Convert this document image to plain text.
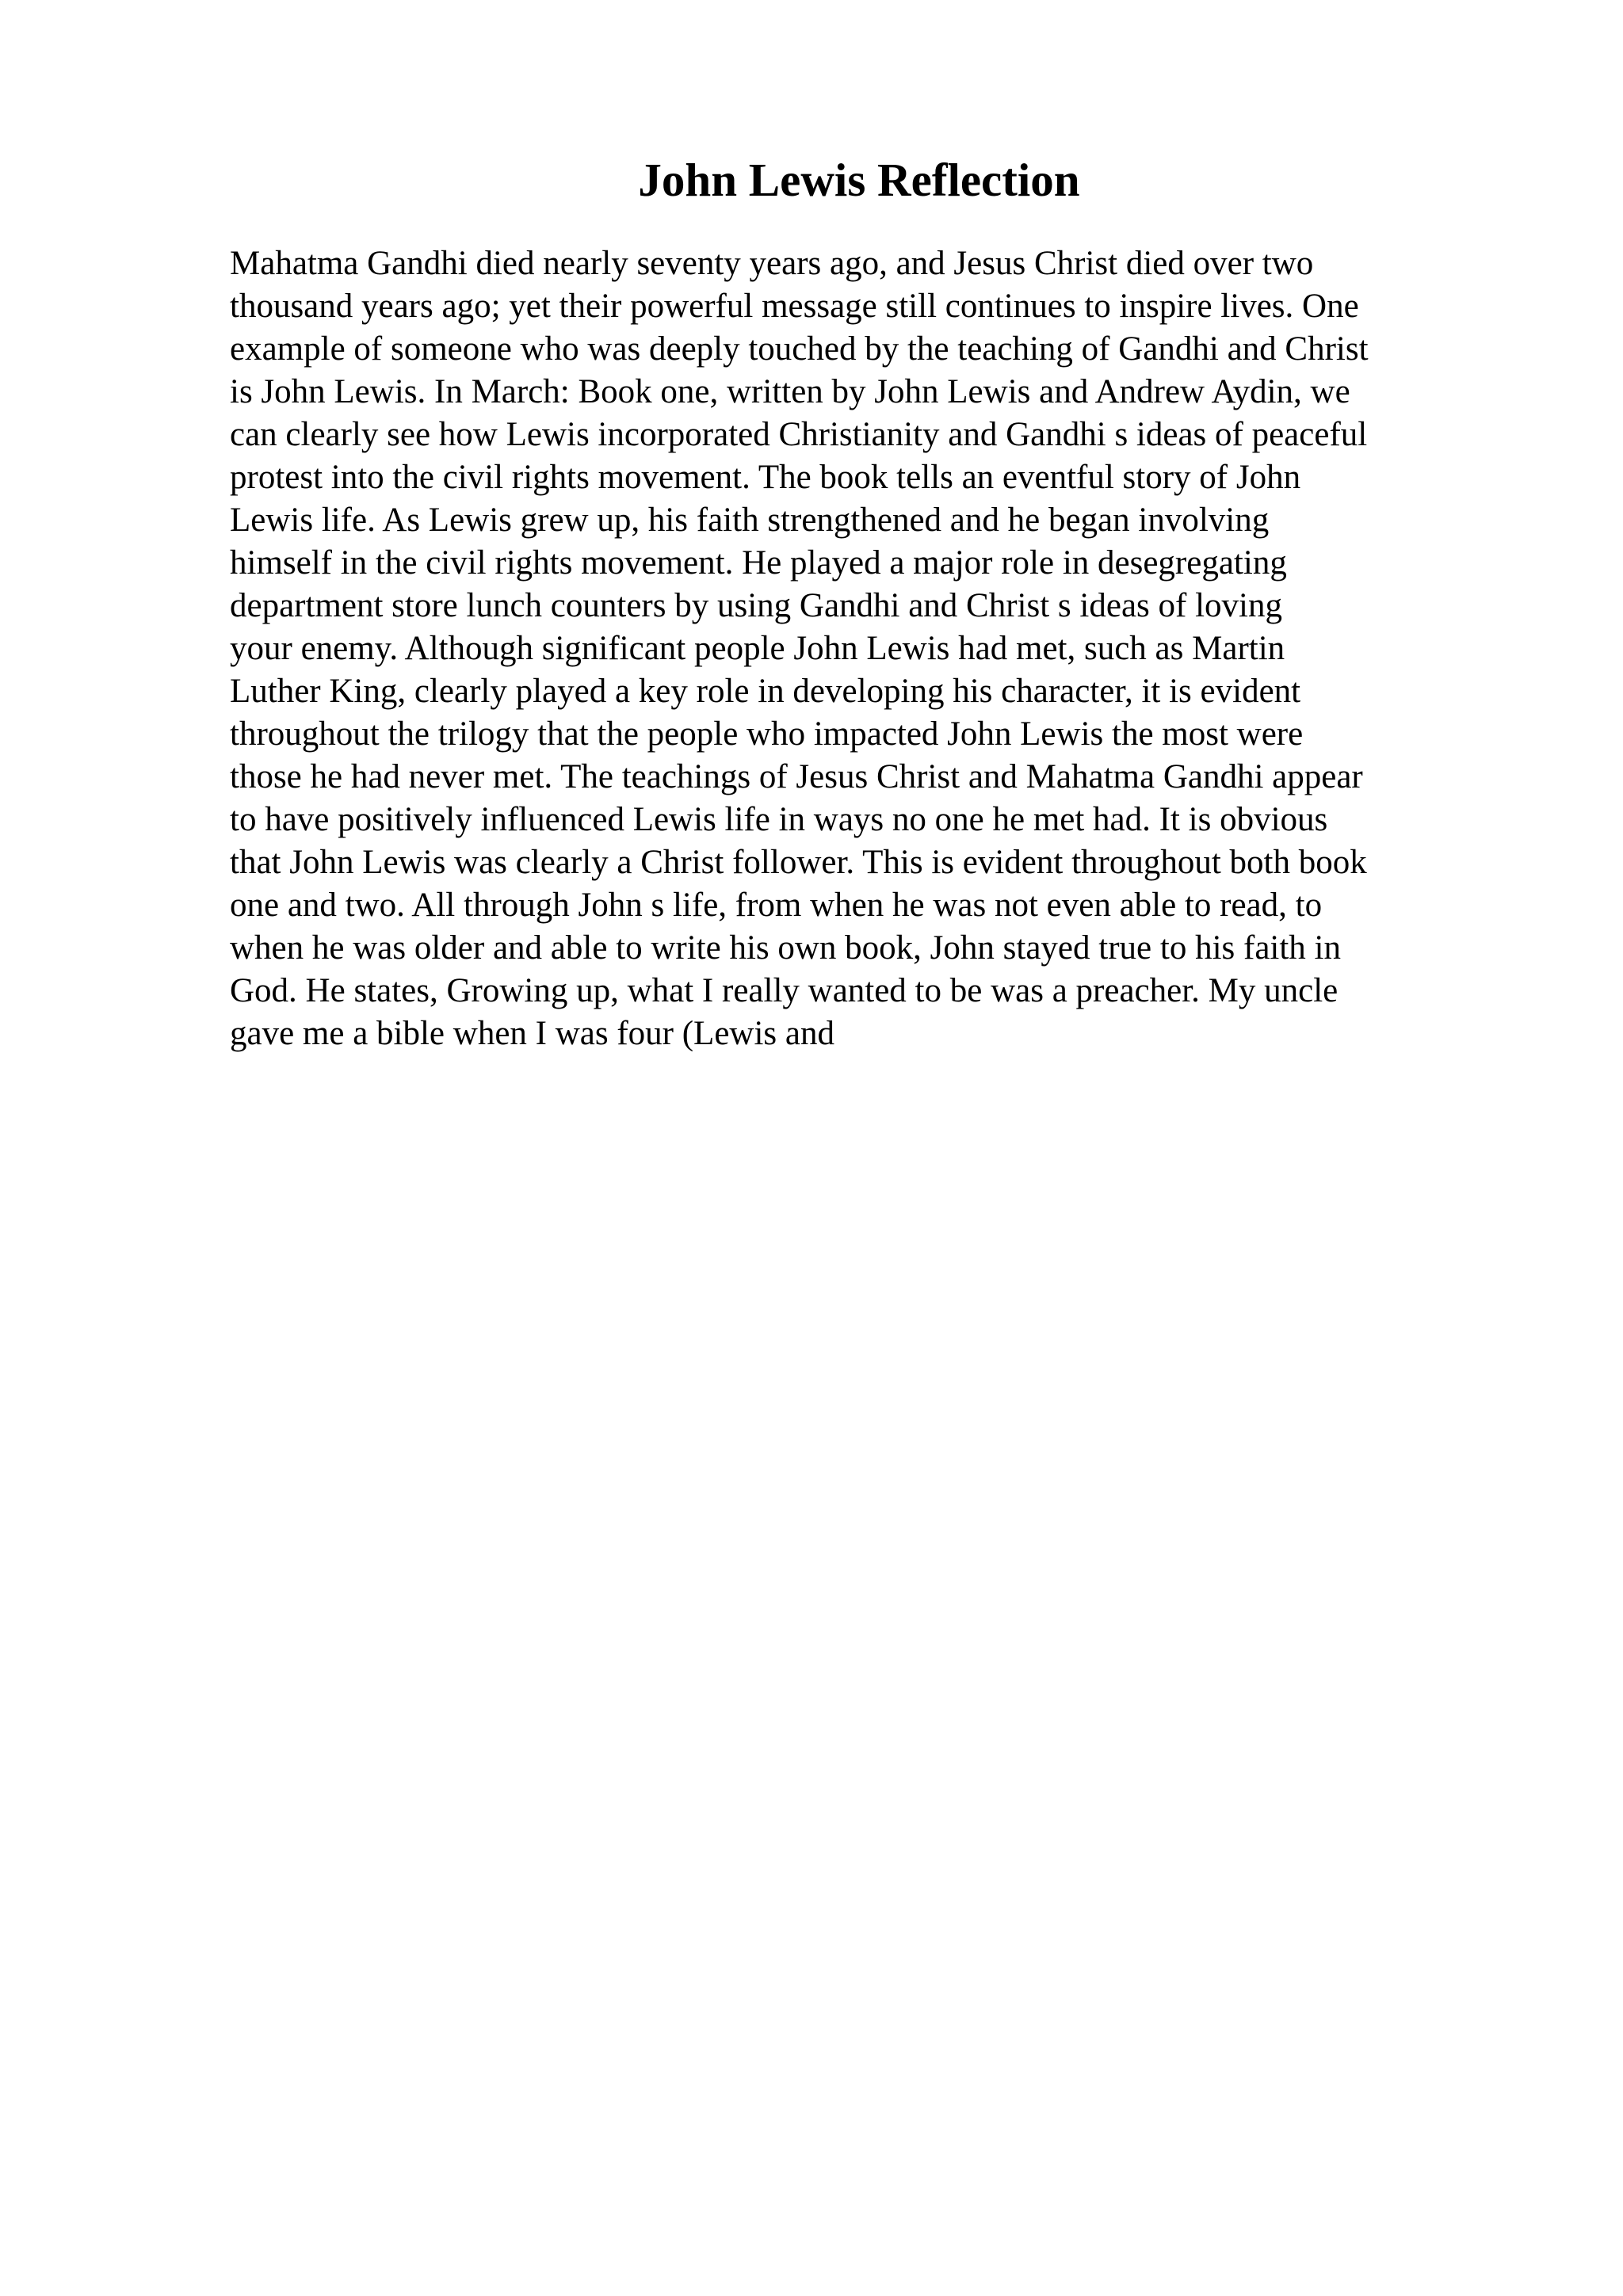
John Lewis Reflection
Mahatma Gandhi died nearly seventy years ago, and Jesus Christ died over two
thousand years ago; yet their powerful message still continues to inspire lives. One
example of someone who was deeply touched by the teaching of Gandhi and Christ
is John Lewis. In March: Book one, written by John Lewis and Andrew Aydin, we
can clearly see how Lewis incorporated Christianity and Gandhi s ideas of peaceful
protest into the civil rights movement. The book tells an eventful story of John
Lewis life. As Lewis grew up, his faith strengthened and he began involving
himself in the civil rights movement. He played a major role in desegregating
department store lunch counters by using Gandhi and Christ s ideas of loving
your enemy. Although significant people John Lewis had met, such as Martin
Luther King, clearly played a key role in developing his character, it is evident
throughout the trilogy that the people who impacted John Lewis the most were
those he had never met. The teachings of Jesus Christ and Mahatma Gandhi appear
to have positively influenced Lewis life in ways no one he met had. It is obvious
that John Lewis was clearly a Christ follower. This is evident throughout both book
one and two. All through John s life, from when he was not even able to read, to
when he was older and able to write his own book, John stayed true to his faith in
God. He states, Growing up, what I really wanted to be was a preacher. My uncle
gave me a bible when I was four (Lewis and
